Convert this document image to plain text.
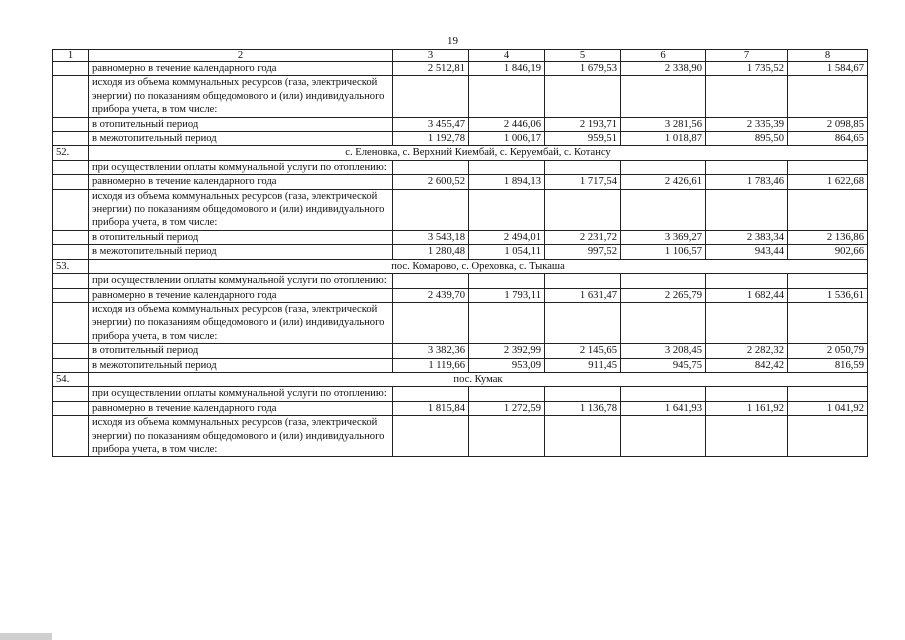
19
1	2	3	4	5	6	7	8
	равномерно в течение календарного года	2 512,81	1 846,19	1 679,53	2 338,90	1 735,52	1 584,67
	исходя из объема коммунальных ресурсов (газа, электрической энергии) по показаниям общедомового и (или) индивидуального прибора учета, в том числе:						
	в отопительный период	3 455,47	2 446,06	2 193,71	3 281,56	2 335,39	2 098,85
	в межотопительный период	1 192,78	1 006,17	959,51	1 018,87	895,50	864,65
52.	с. Еленовка, с. Верхний Киембай, с. Керуембай, с. Котансу						
	при осуществлении оплаты коммунальной услуги по отоплению:						
	равномерно в течение календарного года	2 600,52	1 894,13	1 717,54	2 426,61	1 783,46	1 622,68
	исходя из объема коммунальных ресурсов (газа, электрической энергии) по показаниям общедомового и (или) индивидуального прибора учета, в том числе:						
	в отопительный период	3 543,18	2 494,01	2 231,72	3 369,27	2 383,34	2 136,86
	в межотопительный период	1 280,48	1 054,11	997,52	1 106,57	943,44	902,66
53.	пос. Комарово, с. Ореховка, с. Тыкаша						
	при осуществлении оплаты коммунальной услуги по отоплению:						
	равномерно в течение календарного года	2 439,70	1 793,11	1 631,47	2 265,79	1 682,44	1 536,61
	исходя из объема коммунальных ресурсов (газа, электрической энергии) по показаниям общедомового и (или) индивидуального прибора учета, в том числе:						
	в отопительный период	3 382,36	2 392,99	2 145,65	3 208,45	2 282,32	2 050,79
	в межотопительный период	1 119,66	953,09	911,45	945,75	842,42	816,59
54.	пос. Кумак						
	при осуществлении оплаты коммунальной услуги по отоплению:						
	равномерно в течение календарного года	1 815,84	1 272,59	1 136,78	1 641,93	1 161,92	1 041,92
	исходя из объема коммунальных ресурсов (газа, электрической энергии) по показаниям общедомового и (или) индивидуального прибора учета, в том числе:						
